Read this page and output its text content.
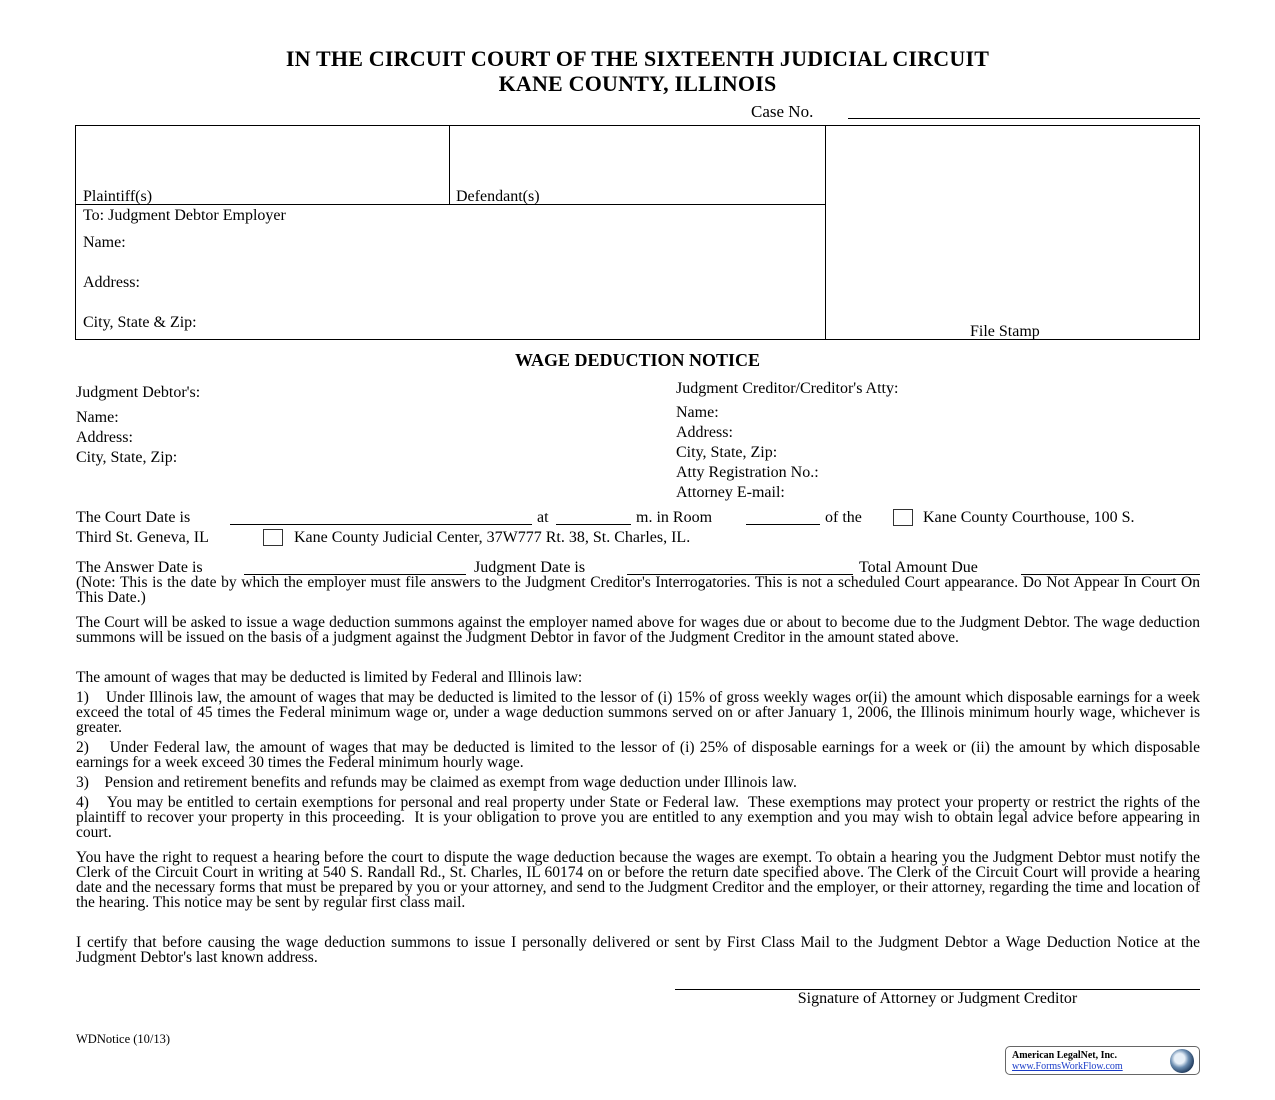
IN THE CIRCUIT COURT OF THE SIXTEENTH JUDICIAL CIRCUIT
KANE COUNTY, ILLINOIS
Case No.
Plaintiff(s)	Defendant(s)
To: Judgment Debtor Employer
Name:
Address:
City, State & Zip:
File Stamp
WAGE DEDUCTION NOTICE
Judgment Debtor's:
Name:
Address:
City, State, Zip:
Judgment Creditor/Creditor's Atty:
Name:
Address:
City, State, Zip:
Atty Registration No.:
Attorney E-mail:
The Court Date is	at	m. in Room	of the	Kane County Courthouse, 100 S.
Third St. Geneva, IL	Kane County Judicial Center, 37W777 Rt. 38, St. Charles, IL.
The Answer Date is	Judgment Date is	Total Amount Due
(Note: This is the date by which the employer must file answers to the Judgment Creditor's Interrogatories. This is not a scheduled Court appearance. Do Not Appear In Court On This Date.)
The Court will be asked to issue a wage deduction summons against the employer named above for wages due or about to become due to the Judgment Debtor. The wage deduction summons will be issued on the basis of a judgment against the Judgment Debtor in favor of the Judgment Creditor in the amount stated above.
The amount of wages that may be deducted is limited by Federal and Illinois law:
1)    Under Illinois law, the amount of wages that may be deducted is limited to the lessor of (i) 15% of gross weekly wages or(ii) the amount which disposable earnings for a week exceed the total of 45 times the Federal minimum wage or, under a wage deduction summons served on or after January 1, 2006, the Illinois minimum hourly wage, whichever is greater.
2)    Under Federal law, the amount of wages that may be deducted is limited to the lessor of (i) 25% of disposable earnings for a week or (ii) the amount by which disposable earnings for a week exceed 30 times the Federal minimum hourly wage.
3)    Pension and retirement benefits and refunds may be claimed as exempt from wage deduction under Illinois law.
4)    You may be entitled to certain exemptions for personal and real property under State or Federal law.  These exemptions may protect your property or restrict the rights of the plaintiff to recover your property in this proceeding.  It is your obligation to prove you are entitled to any exemption and you may wish to obtain legal advice before appearing in court.
You have the right to request a hearing before the court to dispute the wage deduction because the wages are exempt. To obtain a hearing you the Judgment Debtor must notify the Clerk of the Circuit Court in writing at 540 S. Randall Rd., St. Charles, IL 60174 on or before the return date specified above. The Clerk of the Circuit Court will provide a hearing date and the necessary forms that must be prepared by you or your attorney, and send to the Judgment Creditor and the employer, or their attorney, regarding the time and location of the hearing. This notice may be sent by regular first class mail.
I certify that before causing the wage deduction summons to issue I personally delivered or sent by First Class Mail to the Judgment Debtor a Wage Deduction Notice at the Judgment Debtor's last known address.
Signature of Attorney or Judgment Creditor
WDNotice (10/13)
American LegalNet, Inc.
www.FormsWorkFlow.com
